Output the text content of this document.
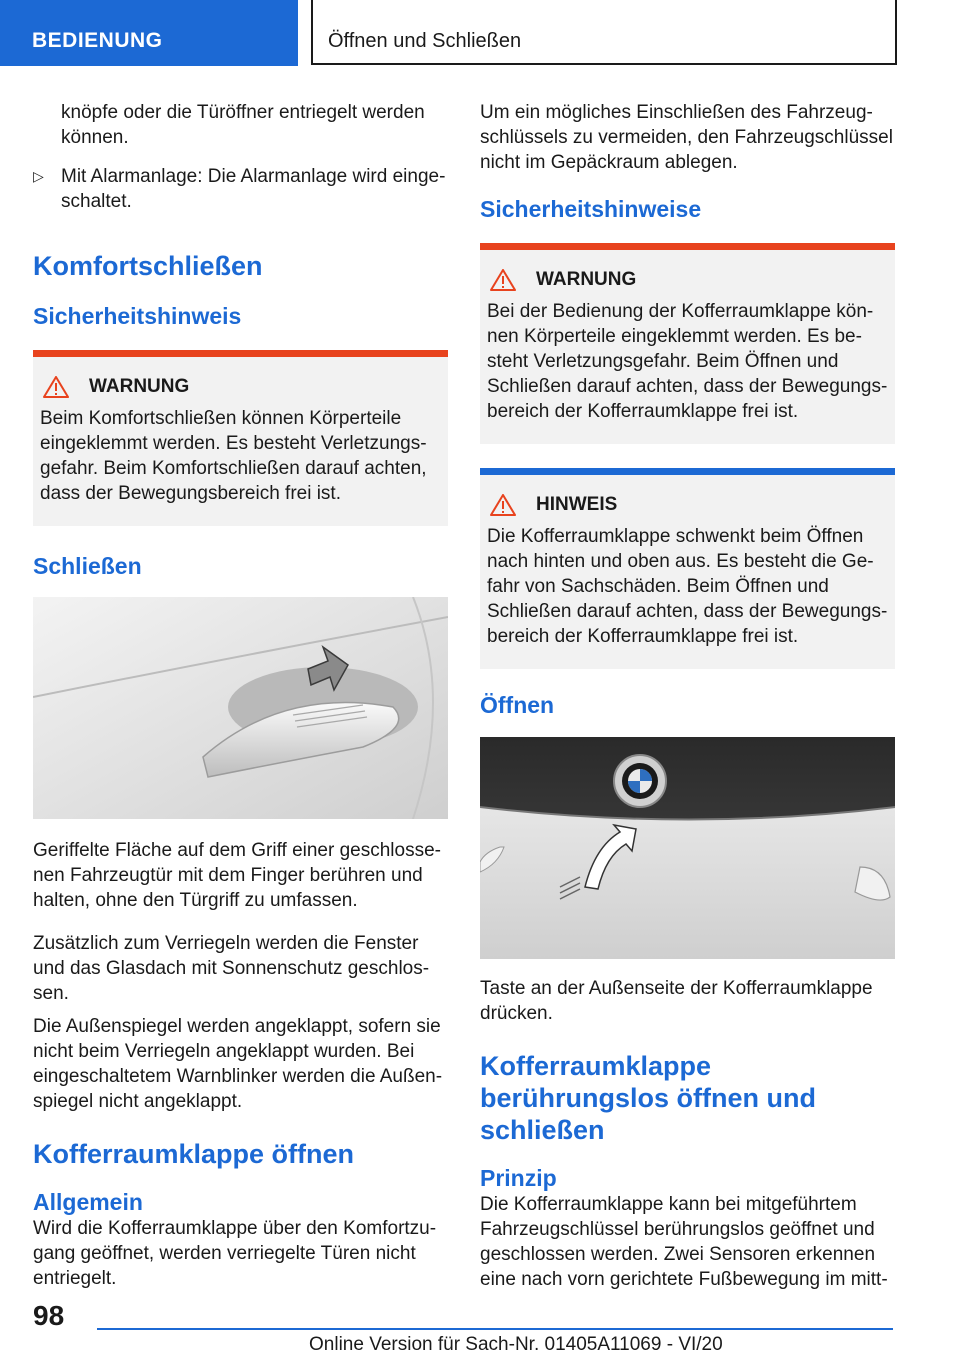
BEDIENUNG	Öffnen und Schließen

knöpfe oder die Türöffner entriegelt werden können.

▷ Mit Alarmanlage: Die Alarmanlage wird eingeschaltet.

Komfortschließen
Sicherheitshinweis
WARNUNG

Beim Komfortschließen können Körperteile eingeklemmt werden. Es besteht Verletzungsgefahr. Beim Komfortschließen darauf achten, dass der Bewegungsbereich frei ist.

Schließen

Geriffelte Fläche auf dem Griff einer geschlossenen Fahrzeugtür mit dem Finger berühren und halten, ohne den Türgriff zu umfassen.

Zusätzlich zum Verriegeln werden die Fenster und das Glasdach mit Sonnenschutz geschlossen.

Die Außenspiegel werden angeklappt, sofern sie nicht beim Verriegeln angeklappt wurden. Bei eingeschaltetem Warnblinker werden die Außenspiegel nicht angeklappt.

Kofferraumklappe öffnen
Allgemein

Wird die Kofferraumklappe über den Komfortzugang geöffnet, werden verriegelte Türen nicht entriegelt.

Um ein mögliches Einschließen des Fahrzeugschlüssels zu vermeiden, den Fahrzeugschlüssel nicht im Gepäckraum ablegen.

Sicherheitshinweise
WARNUNG

Bei der Bedienung der Kofferraumklappe können Körperteile eingeklemmt werden. Es besteht Verletzungsgefahr. Beim Öffnen und Schließen darauf achten, dass der Bewegungsbereich der Kofferraumklappe frei ist.

HINWEIS

Die Kofferraumklappe schwenkt beim Öffnen nach hinten und oben aus. Es besteht die Gefahr von Sachschäden. Beim Öffnen und Schließen darauf achten, dass der Bewegungsbereich der Kofferraumklappe frei ist.

Öffnen

Taste an der Außenseite der Kofferraumklappe drücken.

Kofferraumklappe berührungslos öffnen und schließen
Prinzip

Die Kofferraumklappe kann bei mitgeführtem Fahrzeugschlüssel berührungslos geöffnet und geschlossen werden. Zwei Sensoren erkennen eine nach vorn gerichtete Fußbewegung im mitt-

98
Online Version für Sach-Nr. 01405A11069 - VI/20
